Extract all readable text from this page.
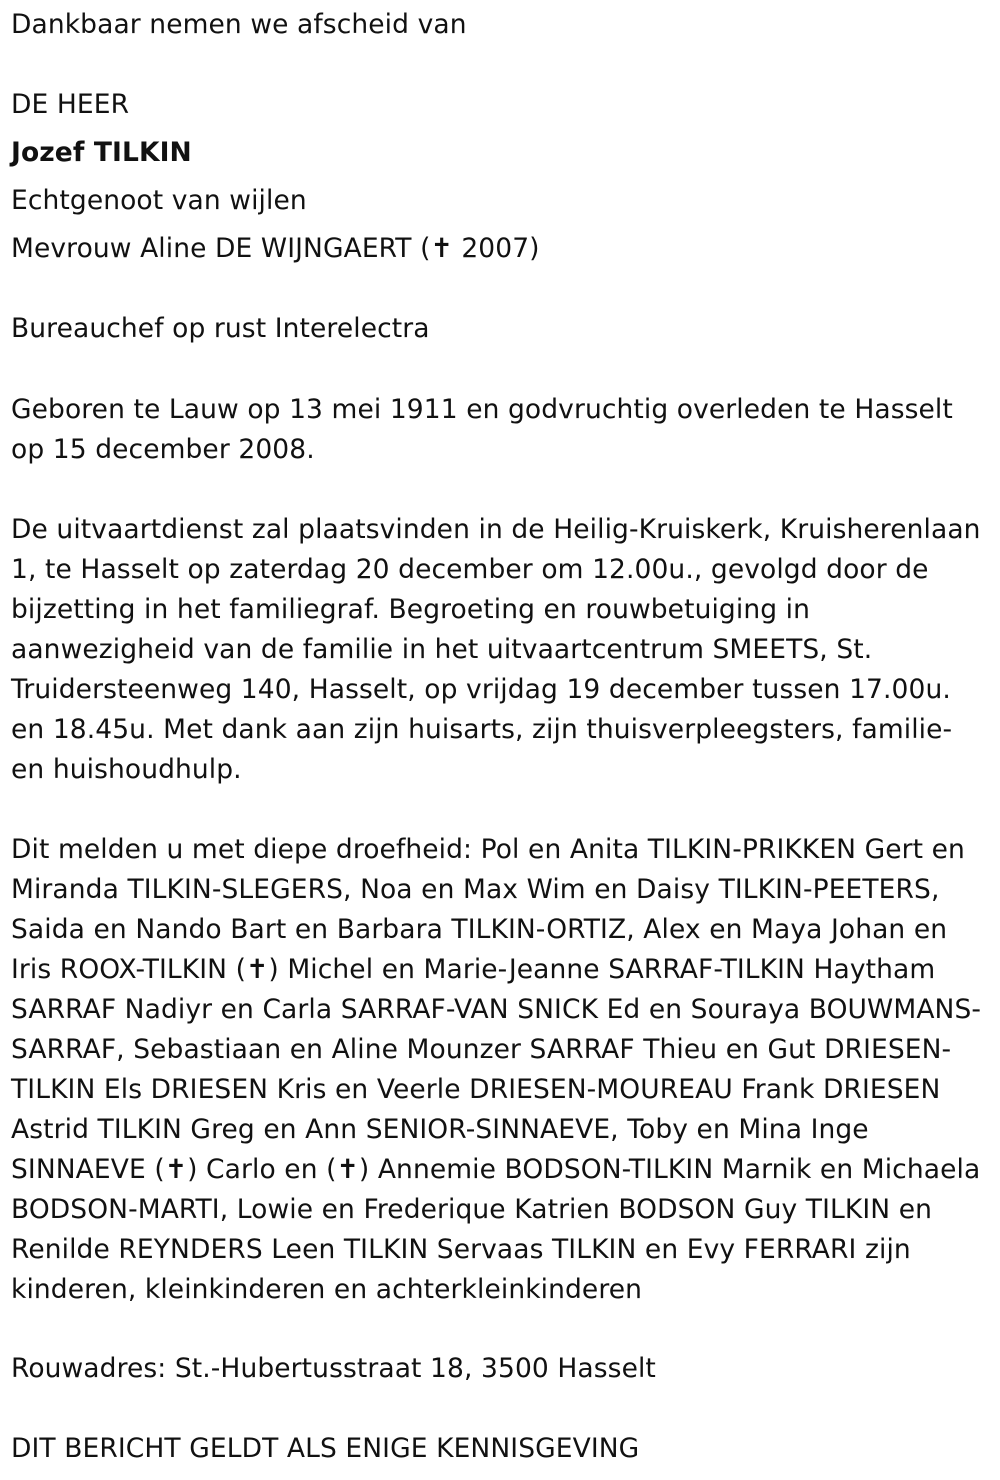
Dankbaar nemen we afscheid van
DE HEER
Jozef TILKIN
Echtgenoot van wijlen
Mevrouw Aline DE WIJNGAERT (✝ 2007)
Bureauchef op rust Interelectra
Geboren te Lauw op 13 mei 1911 en godvruchtig overleden te Hasselt op 15 december 2008.
De uitvaartdienst zal plaatsvinden in de Heilig-Kruiskerk, Kruisherenlaan 1, te Hasselt op zaterdag 20 december om 12.00u., gevolgd door de bijzetting in het familiegraf. Begroeting en rouwbetuiging in aanwezigheid van de familie in het uitvaartcentrum SMEETS, St. Truidersteenweg 140, Hasselt, op vrijdag 19 december tussen 17.00u. en 18.45u. Met dank aan zijn huisarts, zijn thuisverpleegsters, familie- en huishoudhulp.
Dit melden u met diepe droefheid: Pol en Anita TILKIN-PRIKKEN Gert en Miranda TILKIN-SLEGERS, Noa en Max Wim en Daisy TILKIN-PEETERS, Saida en Nando Bart en Barbara TILKIN-ORTIZ, Alex en Maya Johan en Iris ROOX-TILKIN (✝) Michel en Marie-Jeanne SARRAF-TILKIN Haytham SARRAF Nadiyr en Carla SARRAF-VAN SNICK Ed en Souraya BOUWMANS-SARRAF, Sebastiaan en Aline Mounzer SARRAF Thieu en Gut DRIESEN-TILKIN Els DRIESEN Kris en Veerle DRIESEN-MOUREAU Frank DRIESEN Astrid TILKIN Greg en Ann SENIOR-SINNAEVE, Toby en Mina Inge SINNAEVE (✝) Carlo en (✝) Annemie BODSON-TILKIN Marnik en Michaela BODSON-MARTI, Lowie en Frederique Katrien BODSON Guy TILKIN en Renilde REYNDERS Leen TILKIN Servaas TILKIN en Evy FERRARI zijn kinderen, kleinkinderen en achterkleinkinderen
Rouwadres: St.-Hubertusstraat 18, 3500 Hasselt
DIT BERICHT GELDT ALS ENIGE KENNISGEVING
